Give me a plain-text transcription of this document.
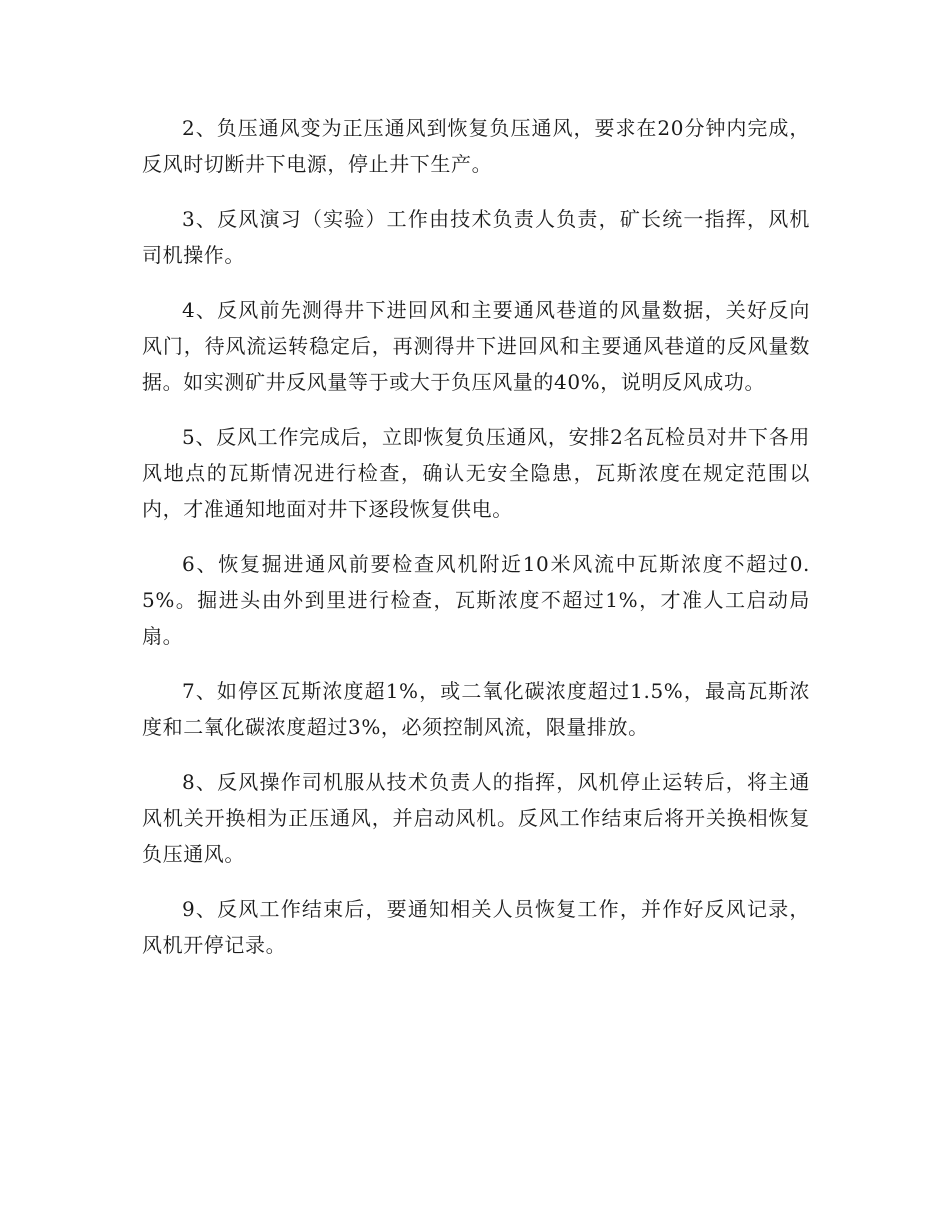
2、负压通风变为正压通风到恢复负压通风，要求在20分钟内完成，反风时切断井下电源，停止井下生产。

3、反风演习（实验）工作由技术负责人负责，矿长统一指挥，风机司机操作。

4、反风前先测得井下进回风和主要通风巷道的风量数据，关好反向风门，待风流运转稳定后，再测得井下进回风和主要通风巷道的反风量数据。如实测矿井反风量等于或大于负压风量的40%，说明反风成功。

5、反风工作完成后，立即恢复负压通风，安排2名瓦检员对井下各用风地点的瓦斯情况进行检查，确认无安全隐患，瓦斯浓度在规定范围以内，才准通知地面对井下逐段恢复供电。

6、恢复掘进通风前要检查风机附近10米风流中瓦斯浓度不超过0.5%。掘进头由外到里进行检查，瓦斯浓度不超过1%，才准人工启动局扇。

7、如停区瓦斯浓度超1%，或二氧化碳浓度超过1.5%，最高瓦斯浓度和二氧化碳浓度超过3%，必须控制风流，限量排放。

8、反风操作司机服从技术负责人的指挥，风机停止运转后，将主通风机关开换相为正压通风，并启动风机。反风工作结束后将开关换相恢复负压通风。

9、反风工作结束后，要通知相关人员恢复工作，并作好反风记录，风机开停记录。
